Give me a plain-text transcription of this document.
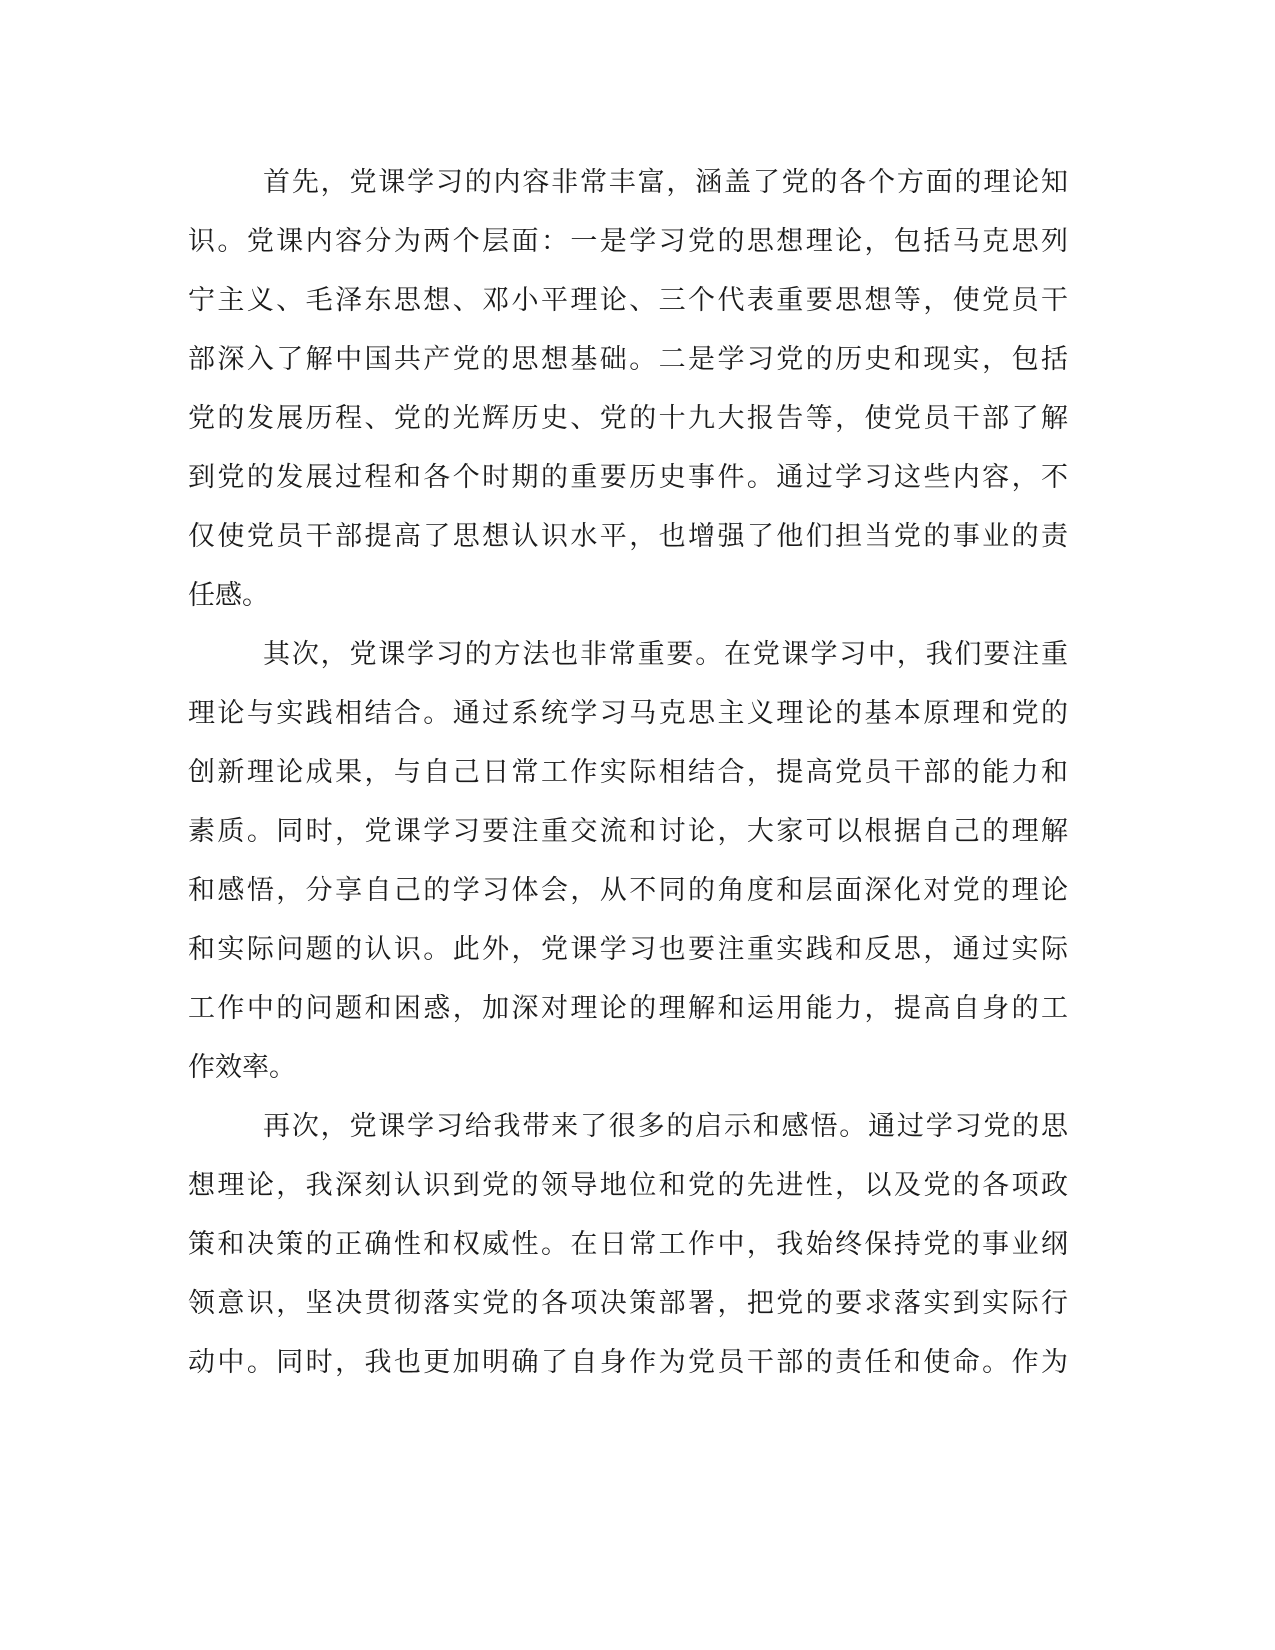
首先，党课学习的内容非常丰富，涵盖了党的各个方面的理论知
识。党课内容分为两个层面：一是学习党的思想理论，包括马克思列
宁主义、毛泽东思想、邓小平理论、三个代表重要思想等，使党员干
部深入了解中国共产党的思想基础。二是学习党的历史和现实，包括
党的发展历程、党的光辉历史、党的十九大报告等，使党员干部了解
到党的发展过程和各个时期的重要历史事件。通过学习这些内容，不
仅使党员干部提高了思想认识水平，也增强了他们担当党的事业的责
任感。
其次，党课学习的方法也非常重要。在党课学习中，我们要注重
理论与实践相结合。通过系统学习马克思主义理论的基本原理和党的
创新理论成果，与自己日常工作实际相结合，提高党员干部的能力和
素质。同时，党课学习要注重交流和讨论，大家可以根据自己的理解
和感悟，分享自己的学习体会，从不同的角度和层面深化对党的理论
和实际问题的认识。此外，党课学习也要注重实践和反思，通过实际
工作中的问题和困惑，加深对理论的理解和运用能力，提高自身的工
作效率。
再次，党课学习给我带来了很多的启示和感悟。通过学习党的思
想理论，我深刻认识到党的领导地位和党的先进性，以及党的各项政
策和决策的正确性和权威性。在日常工作中，我始终保持党的事业纲
领意识，坚决贯彻落实党的各项决策部署，把党的要求落实到实际行
动中。同时，我也更加明确了自身作为党员干部的责任和使命。作为
